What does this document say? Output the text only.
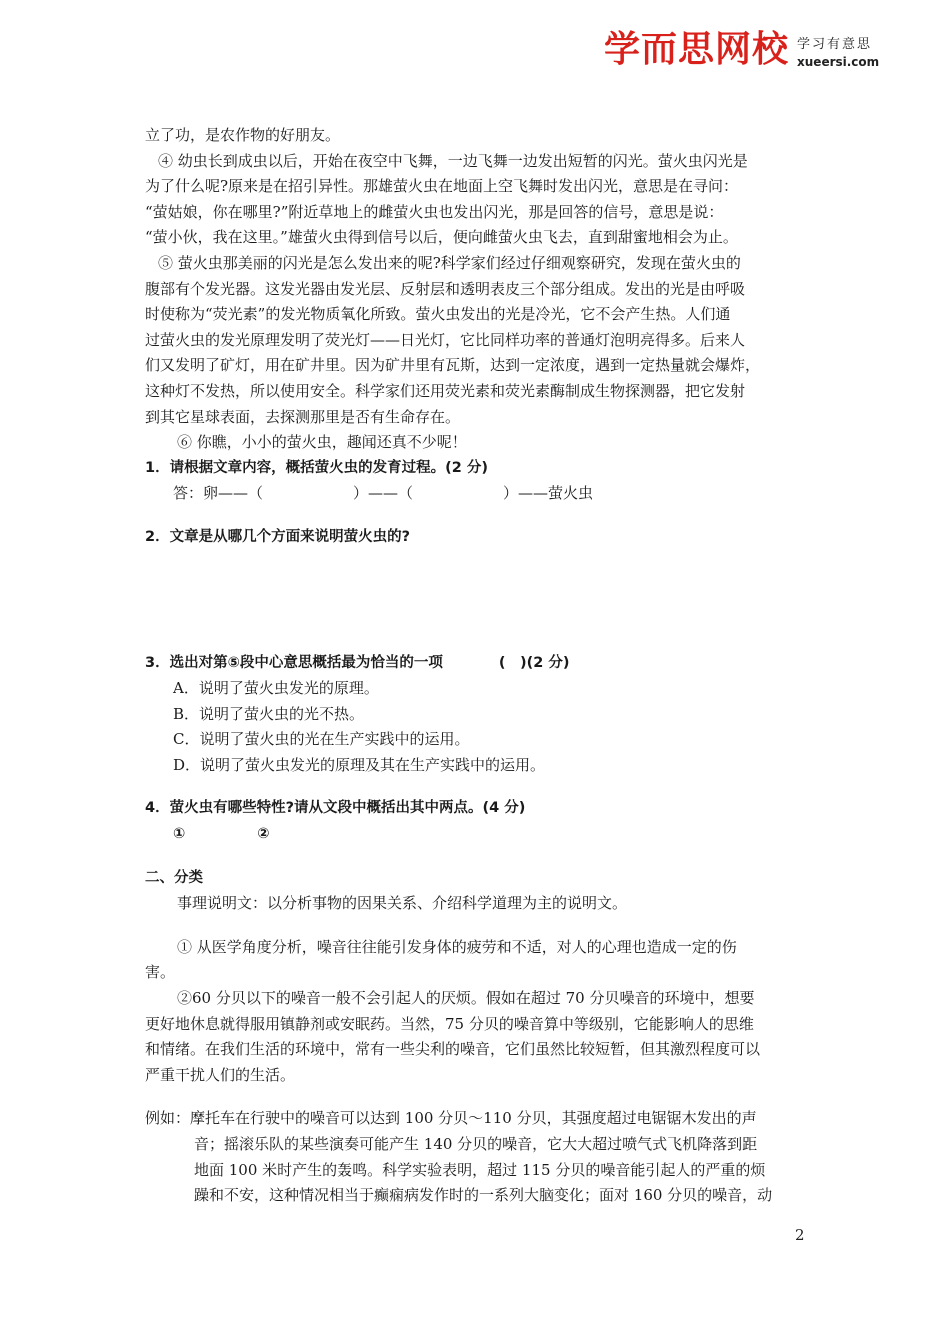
学而思网校 学习有意思
xueersi.com
立了功，是农作物的好朋友。
④ 幼虫长到成虫以后，开始在夜空中飞舞，一边飞舞一边发出短暂的闪光。萤火虫闪光是
为了什么呢?原来是在招引异性。那雄萤火虫在地面上空飞舞时发出闪光，意思是在寻问：
“萤姑娘，你在哪里?”附近草地上的雌萤火虫也发出闪光，那是回答的信号，意思是说：
“萤小伙，我在这里。”雄萤火虫得到信号以后，便向雌萤火虫飞去，直到甜蜜地相会为止。
⑤ 萤火虫那美丽的闪光是怎么发出来的呢?科学家们经过仔细观察研究，发现在萤火虫的
腹部有个发光器。这发光器由发光层、反射层和透明表皮三个部分组成。发出的光是由呼吸
时使称为“荧光素”的发光物质氧化所致。萤火虫发出的光是冷光，它不会产生热。人们通
过萤火虫的发光原理发明了荧光灯——日光灯，它比同样功率的普通灯泡明亮得多。后来人
们又发明了矿灯，用在矿井里。因为矿井里有瓦斯，达到一定浓度，遇到一定热量就会爆炸，
这种灯不发热，所以使用安全。科学家们还用荧光素和荧光素酶制成生物探测器，把它发射
到其它星球表面，去探测那里是否有生命存在。
⑥ 你瞧，小小的萤火虫，趣闻还真不少呢！
1．请根据文章内容，概括萤火虫的发育过程。(2 分)
答：卵——（	）——（	）——萤火虫
2．文章是从哪几个方面来说明萤火虫的?
3．选出对第⑤段中心意思概括最为恰当的一项	(　)(2 分)
A．说明了萤火虫发光的原理。
B．说明了萤火虫的光不热。
C．说明了萤火虫的光在生产实践中的运用。
D．说明了萤火虫发光的原理及其在生产实践中的运用。
4．萤火虫有哪些特性?请从文段中概括出其中两点。(4 分)
①	②
二、分类
事理说明文：以分析事物的因果关系、介绍科学道理为主的说明文。
① 从医学角度分析，噪音往往能引发身体的疲劳和不适，对人的心理也造成一定的伤
害。
②60 分贝以下的噪音一般不会引起人的厌烦。假如在超过 70 分贝噪音的环境中，想要
更好地休息就得服用镇静剂或安眠药。当然，75 分贝的噪音算中等级别，它能影响人的思维
和情绪。在我们生活的环境中，常有一些尖利的噪音，它们虽然比较短暂，但其激烈程度可以
严重干扰人们的生活。
例如：摩托车在行驶中的噪音可以达到 100 分贝～110 分贝，其强度超过电锯锯木发出的声
音；摇滚乐队的某些演奏可能产生 140 分贝的噪音，它大大超过喷气式飞机降落到距
地面 100 米时产生的轰鸣。科学实验表明，超过 115 分贝的噪音能引起人的严重的烦
躁和不安，这种情况相当于癫痫病发作时的一系列大脑变化；面对 160 分贝的噪音，动
2
